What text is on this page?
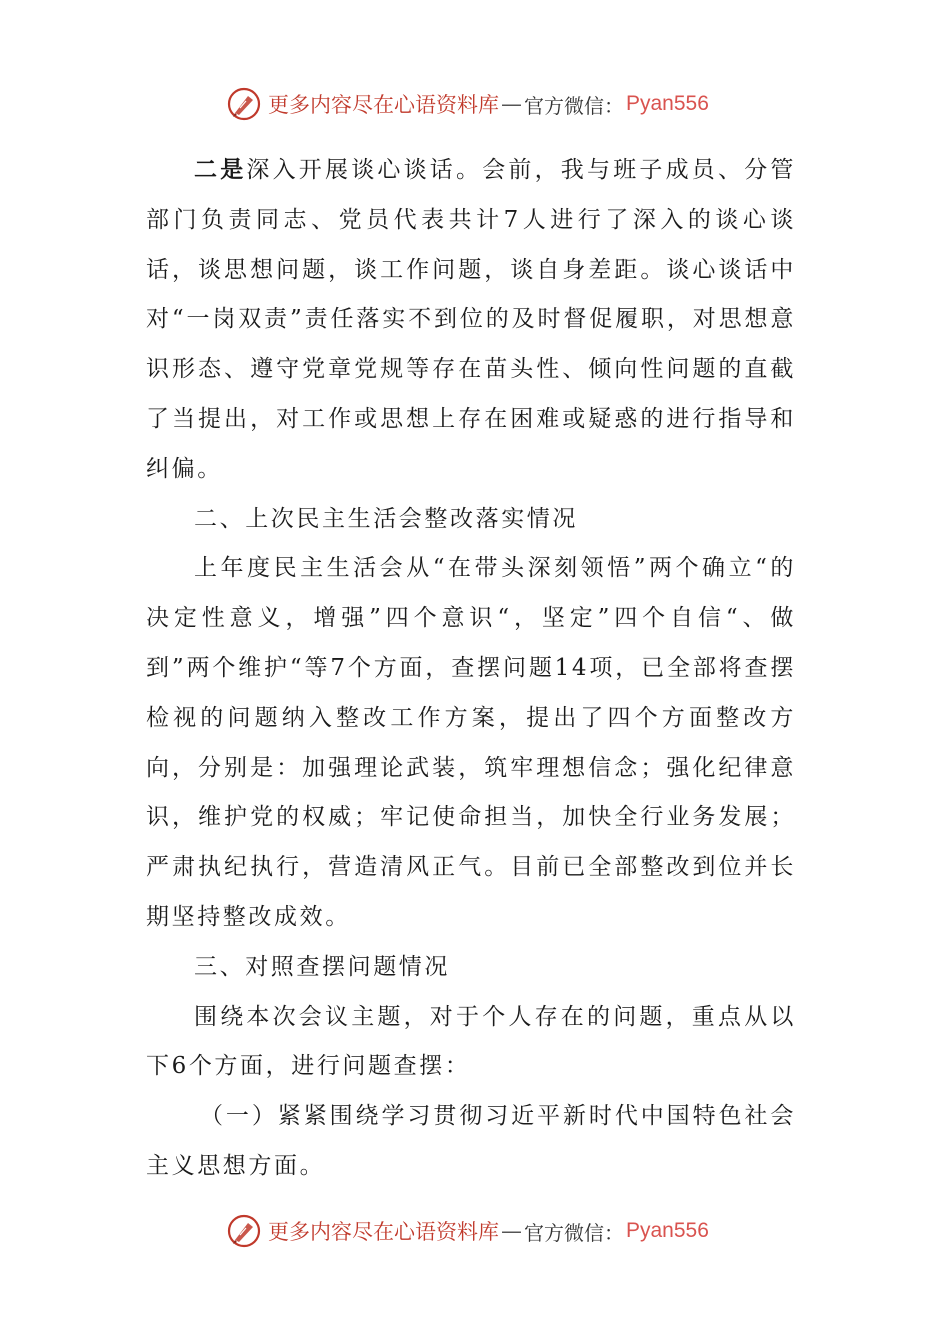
更多内容尽在心语资料库 — 官方微信： Pyan556

二是深入开展谈心谈话。会前，我与班子成员、分管部门负责同志、党员代表共计7人进行了深入的谈心谈话，谈思想问题，谈工作问题，谈自身差距。谈心谈话中对“一岗双责”责任落实不到位的及时督促履职，对思想意识形态、遵守党章党规等存在苗头性、倾向性问题的直截了当提出，对工作或思想上存在困难或疑惑的进行指导和纠偏。

二、上次民主生活会整改落实情况

上年度民主生活会从“在带头深刻领悟”两个确立“的决定性意义，增强”四个意识“，坚定”四个自信“、做到”两个维护“等7个方面，查摆问题14项，已全部将查摆检视的问题纳入整改工作方案，提出了四个方面整改方向，分别是：加强理论武装，筑牢理想信念；强化纪律意识，维护党的权威；牢记使命担当，加快全行业务发展；严肃执纪执行，营造清风正气。目前已全部整改到位并长期坚持整改成效。

三、对照查摆问题情况

围绕本次会议主题，对于个人存在的问题，重点从以下6个方面，进行问题查摆：

（一）紧紧围绕学习贯彻习近平新时代中国特色社会主义思想方面。

更多内容尽在心语资料库 — 官方微信： Pyan556
